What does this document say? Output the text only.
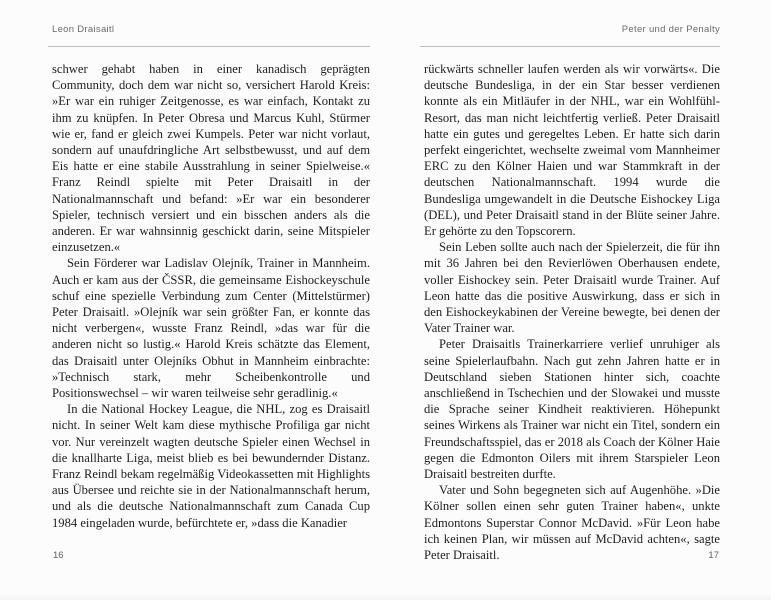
Leon Draisaitl

schwer gehabt haben in einer kanadisch geprägten Community, doch dem war nicht so, versichert Harold Kreis: »Er war ein ruhiger Zeitgenosse, es war einfach, Kontakt zu ihm zu knüpfen. In Peter Obresa und Marcus Kuhl, Stürmer wie er, fand er gleich zwei Kumpels. Peter war nicht vorlaut, sondern auf unaufdringliche Art selbstbewusst, und auf dem Eis hatte er eine stabile Ausstrahlung in seiner Spielweise.« Franz Reindl spielte mit Peter Draisaitl in der Nationalmannschaft und befand: »Er war ein besonderer Spieler, technisch versiert und ein bisschen anders als die anderen. Er war wahnsinnig geschickt darin, seine Mitspieler einzusetzen.«

Sein Förderer war Ladislav Olejník, Trainer in Mannheim. Auch er kam aus der ČSSR, die gemeinsame Eishockeyschule schuf eine spezielle Verbindung zum Center (Mittelstürmer) Peter Draisaitl. »Olejník war sein größter Fan, er konnte das nicht verbergen«, wusste Franz Reindl, »das war für die anderen nicht so lustig.« Harold Kreis schätzte das Element, das Draisaitl unter Olejníks Obhut in Mannheim einbrachte: »Technisch stark, mehr Scheibenkontrolle und Positionswechsel – wir waren teilweise sehr geradlinig.«

In die National Hockey League, die NHL, zog es Draisaitl nicht. In seiner Welt kam diese mythische Profiliga gar nicht vor. Nur vereinzelt wagten deutsche Spieler einen Wechsel in die knallharte Liga, meist blieb es bei bewundernder Distanz. Franz Reindl bekam regelmäßig Videokassetten mit Highlights aus Übersee und reichte sie in der Nationalmannschaft herum, und als die deutsche Nationalmannschaft zum Canada Cup 1984 eingeladen wurde, befürchtete er, »dass die Kanadier

16
Peter und der Penalty

rückwärts schneller laufen werden als wir vorwärts«. Die deutsche Bundesliga, in der ein Star besser verdienen konnte als ein Mitläufer in der NHL, war ein Wohlfühl-Resort, das man nicht leichtfertig verließ. Peter Draisaitl hatte ein gutes und geregeltes Leben. Er hatte sich darin perfekt eingerichtet, wechselte zweimal vom Mannheimer ERC zu den Kölner Haien und war Stammkraft in der deutschen Nationalmannschaft. 1994 wurde die Bundesliga umgewandelt in die Deutsche Eishockey Liga (DEL), und Peter Draisaitl stand in der Blüte seiner Jahre. Er gehörte zu den Topscorern.

Sein Leben sollte auch nach der Spielerzeit, die für ihn mit 36 Jahren bei den Revierlöwen Oberhausen endete, voller Eishockey sein. Peter Draisaitl wurde Trainer. Auf Leon hatte das die positive Auswirkung, dass er sich in den Eishockeykabinen der Vereine bewegte, bei denen der Vater Trainer war.

Peter Draisaitls Trainerkarriere verlief unruhiger als seine Spielerlaufbahn. Nach gut zehn Jahren hatte er in Deutschland sieben Stationen hinter sich, coachte anschließend in Tschechien und der Slowakei und musste die Sprache seiner Kindheit reaktivieren. Höhepunkt seines Wirkens als Trainer war nicht ein Titel, sondern ein Freundschaftsspiel, das er 2018 als Coach der Kölner Haie gegen die Edmonton Oilers mit ihrem Starspieler Leon Draisaitl bestreiten durfte.

Vater und Sohn begegneten sich auf Augenhöhe. »Die Kölner sollen einen sehr guten Trainer haben«, unkte Edmontons Superstar Connor McDavid. »Für Leon habe ich keinen Plan, wir müssen auf McDavid achten«, sagte Peter Draisaitl.	17
